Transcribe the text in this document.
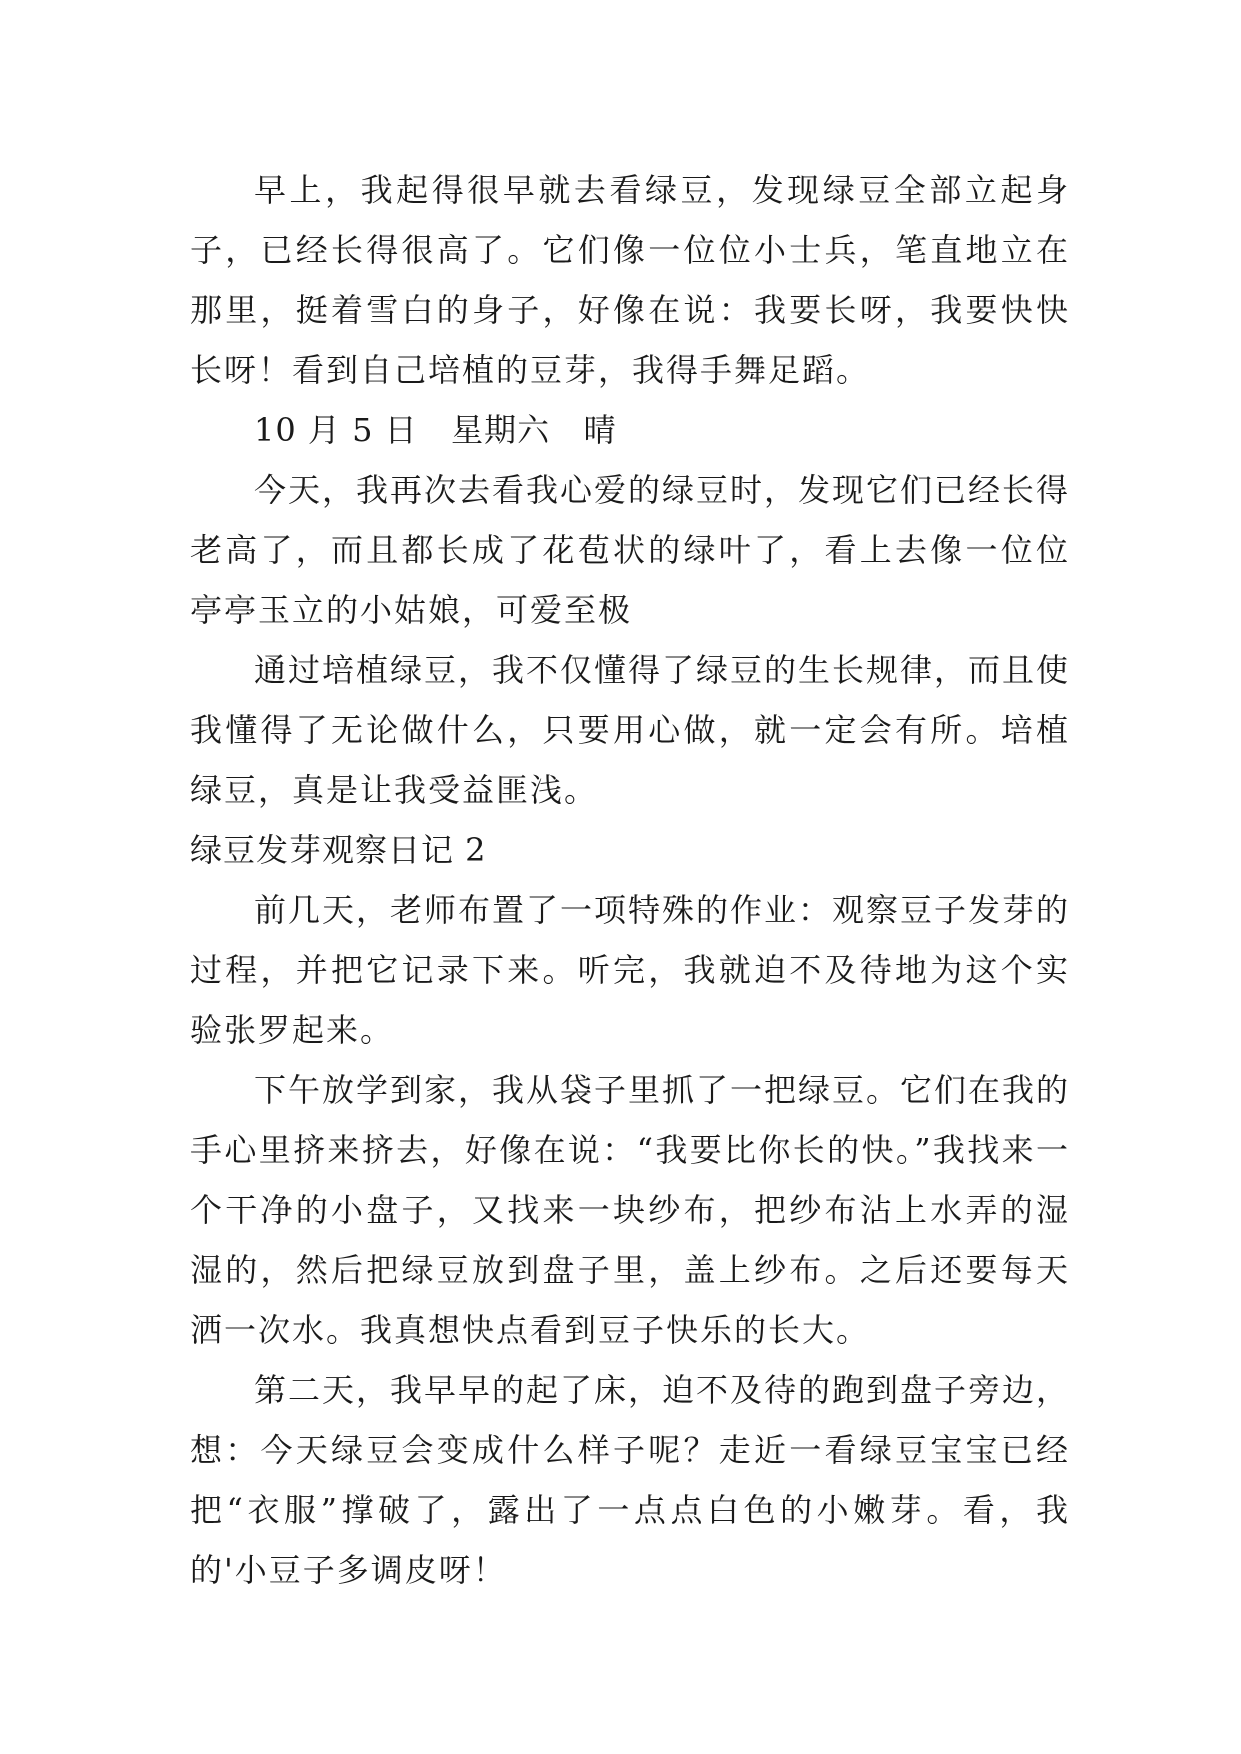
早上，我起得很早就去看绿豆，发现绿豆全部立起身子，已经长得很高了。它们像一位位小士兵，笔直地立在那里，挺着雪白的身子，好像在说：我要长呀，我要快快长呀！看到自己培植的豆芽，我得手舞足蹈。

10 月 5 日   星期六   晴

今天，我再次去看我心爱的绿豆时，发现它们已经长得老高了，而且都长成了花苞状的绿叶了，看上去像一位位亭亭玉立的小姑娘，可爱至极

通过培植绿豆，我不仅懂得了绿豆的生长规律，而且使我懂得了无论做什么，只要用心做，就一定会有所。培植绿豆，真是让我受益匪浅。

绿豆发芽观察日记 2

前几天，老师布置了一项特殊的作业：观察豆子发芽的过程，并把它记录下来。听完，我就迫不及待地为这个实验张罗起来。

下午放学到家，我从袋子里抓了一把绿豆。它们在我的手心里挤来挤去，好像在说：“我要比你长的快。”我找来一个干净的小盘子，又找来一块纱布，把纱布沾上水弄的湿湿的，然后把绿豆放到盘子里，盖上纱布。之后还要每天洒一次水。我真想快点看到豆子快乐的长大。

第二天，我早早的起了床，迫不及待的跑到盘子旁边，想：今天绿豆会变成什么样子呢？走近一看绿豆宝宝已经把“衣服”撑破了，露出了一点点白色的小嫩芽。看，我的'小豆子多调皮呀！
